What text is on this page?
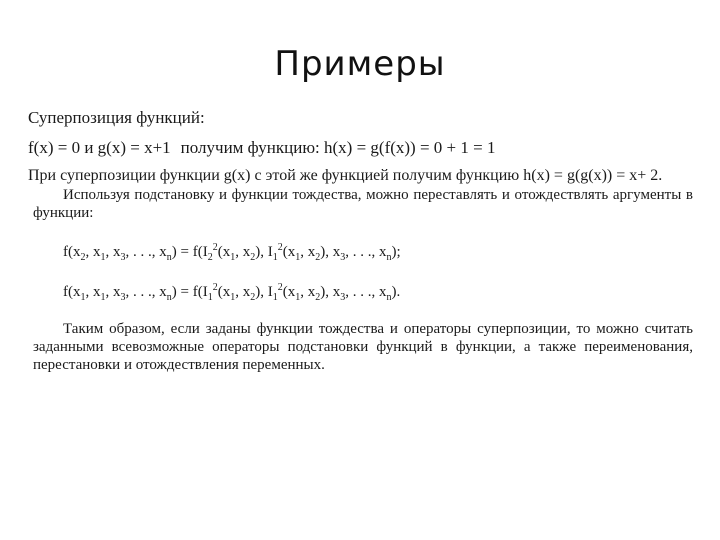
Примеры
Суперпозиция функций:
f(x) = 0 и g(x) = x+1 получим функцию: h(x) = g(f(x)) = 0 + 1 = 1
При суперпозиции функции g(x) с этой же функцией получим функцию h(x) = g(g(x)) = x+ 2.
Используя подстановку и функции тождества, можно переставлять и отождествлять аргументы в функции:
$f(x_2$, $x_1$, $x_3$, . . ., $x_n) = f(I_2^2(x_1$, $x_2$), $I_1^2(x_1$, $x_2$), $x_3$, . . ., $x_n$);
$f(x_1$, $x_1$, $x_3$, . . ., $x_n) = f(I_1^2(x_1$, $x_2$), $I_1^2(x_1$, $x_2$), $x_3$, . . ., $x_n$).
Таким образом, если заданы функции тождества и операторы суперпозиции, то можно считать заданными всевозможные операторы подстановки функций в функции, а также переименования, перестановки и отождествления переменных.
